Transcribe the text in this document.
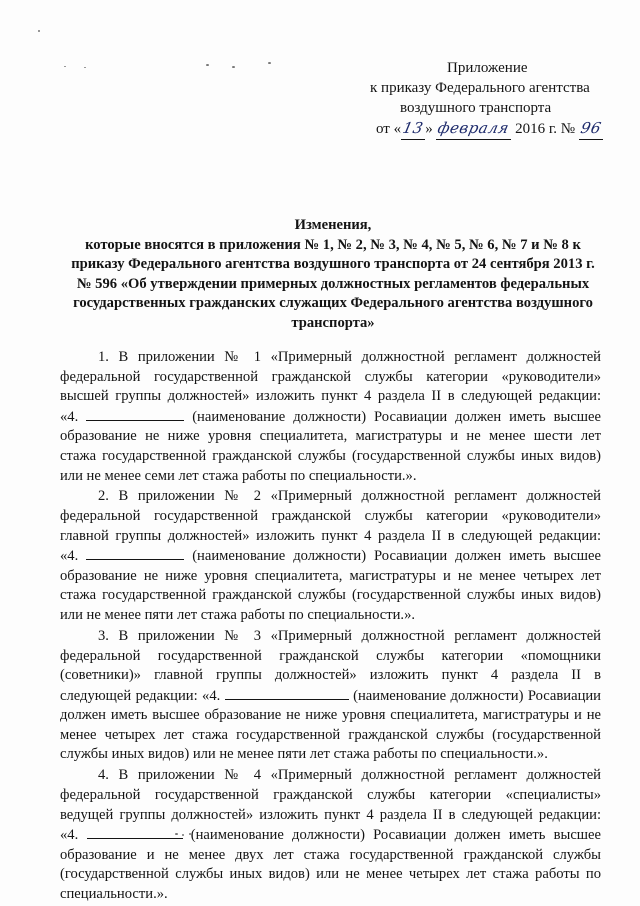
Приложение
к приказу Федерального агентства
воздушного транспорта
от «13» февраля 2016 г. № 96
Изменения,
которые вносятся в приложения № 1, № 2, № 3, № 4, № 5, № 6, № 7 и № 8 к
приказу Федерального агентства воздушного транспорта от 24 сентября 2013 г.
№ 596 «Об утверждении примерных должностных регламентов федеральных
государственных гражданских служащих Федерального агентства воздушного
транспорта»
1. В приложении № 1 «Примерный должностной регламент должностей
федеральной государственной гражданской службы категории «руководители»
высшей группы должностей» изложить пункт 4 раздела II в следующей редакции:
«4.	(наименование должности) Росавиации должен иметь высшее
образование не ниже уровня специалитета, магистратуры и не менее шести лет
стажа государственной гражданской службы (государственной службы иных видов)
или не менее семи лет стажа работы по специальности.».
2. В приложении № 2 «Примерный должностной регламент должностей
федеральной государственной гражданской службы категории «руководители»
главной группы должностей» изложить пункт 4 раздела II в следующей редакции:
«4.	(наименование должности) Росавиации должен иметь высшее
образование не ниже уровня специалитета, магистратуры и не менее четырех лет
стажа государственной гражданской службы (государственной службы иных видов)
или не менее пяти лет стажа работы по специальности.».
3. В приложении № 3 «Примерный должностной регламент должностей
федеральной государственной гражданской службы категории «помощники
(советники)» главной группы должностей» изложить пункт 4 раздела II в
следующей редакции: «4.	(наименование должности) Росавиации
должен иметь высшее образование не ниже уровня специалитета, магистратуры и не
менее четырех лет стажа государственной гражданской службы (государственной
службы иных видов) или не менее пяти лет стажа работы по специальности.».
4. В приложении № 4 «Примерный должностной регламент должностей
федеральной государственной гражданской службы категории «специалисты»
ведущей группы должностей» изложить пункт 4 раздела II в следующей редакции:
«4.	(наименование должности) Росавиации должен иметь высшее
образование и не менее двух лет стажа государственной гражданской службы
(государственной службы иных видов) или не менее четырех лет стажа работы по
специальности.».
